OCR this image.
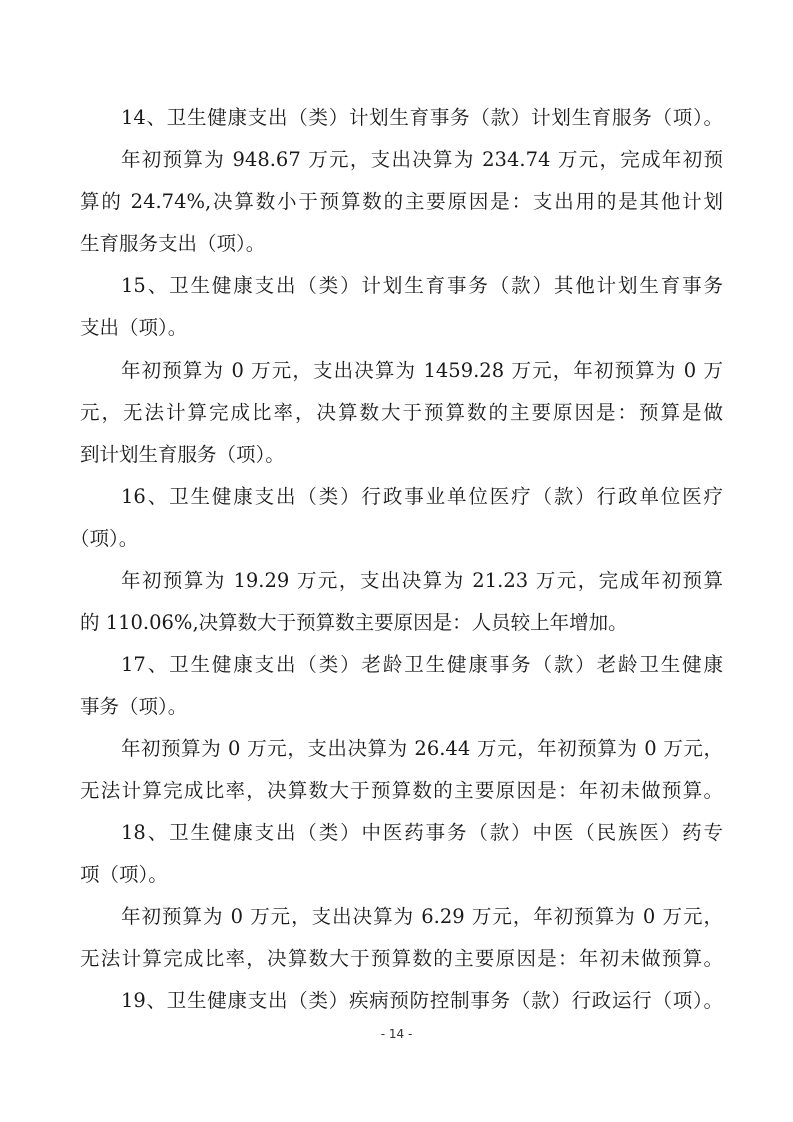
14、卫生健康支出（类）计划生育事务（款）计划生育服务（项）。
年初预算为 948.67 万元，支出决算为 234.74 万元，完成年初预
算的 24.74%,决算数小于预算数的主要原因是：支出用的是其他计划
生育服务支出（项）。
15、卫生健康支出（类）计划生育事务（款）其他计划生育事务
支出（项）。
年初预算为 0 万元，支出决算为 1459.28 万元，年初预算为 0 万
元，无法计算完成比率，决算数大于预算数的主要原因是：预算是做
到计划生育服务（项）。
16、卫生健康支出（类）行政事业单位医疗（款）行政单位医疗
（项）。
年初预算为 19.29 万元，支出决算为 21.23 万元，完成年初预算
的 110.06%,决算数大于预算数主要原因是：人员较上年增加。
17、卫生健康支出（类）老龄卫生健康事务（款）老龄卫生健康
事务（项）。
年初预算为 0 万元，支出决算为 26.44 万元，年初预算为 0 万元，
无法计算完成比率，决算数大于预算数的主要原因是：年初未做预算。
18、卫生健康支出（类）中医药事务（款）中医（民族医）药专
项（项）。
年初预算为 0 万元，支出决算为 6.29 万元，年初预算为 0 万元，
无法计算完成比率，决算数大于预算数的主要原因是：年初未做预算。
19、卫生健康支出（类）疾病预防控制事务（款）行政运行（项）。
- 14 -
